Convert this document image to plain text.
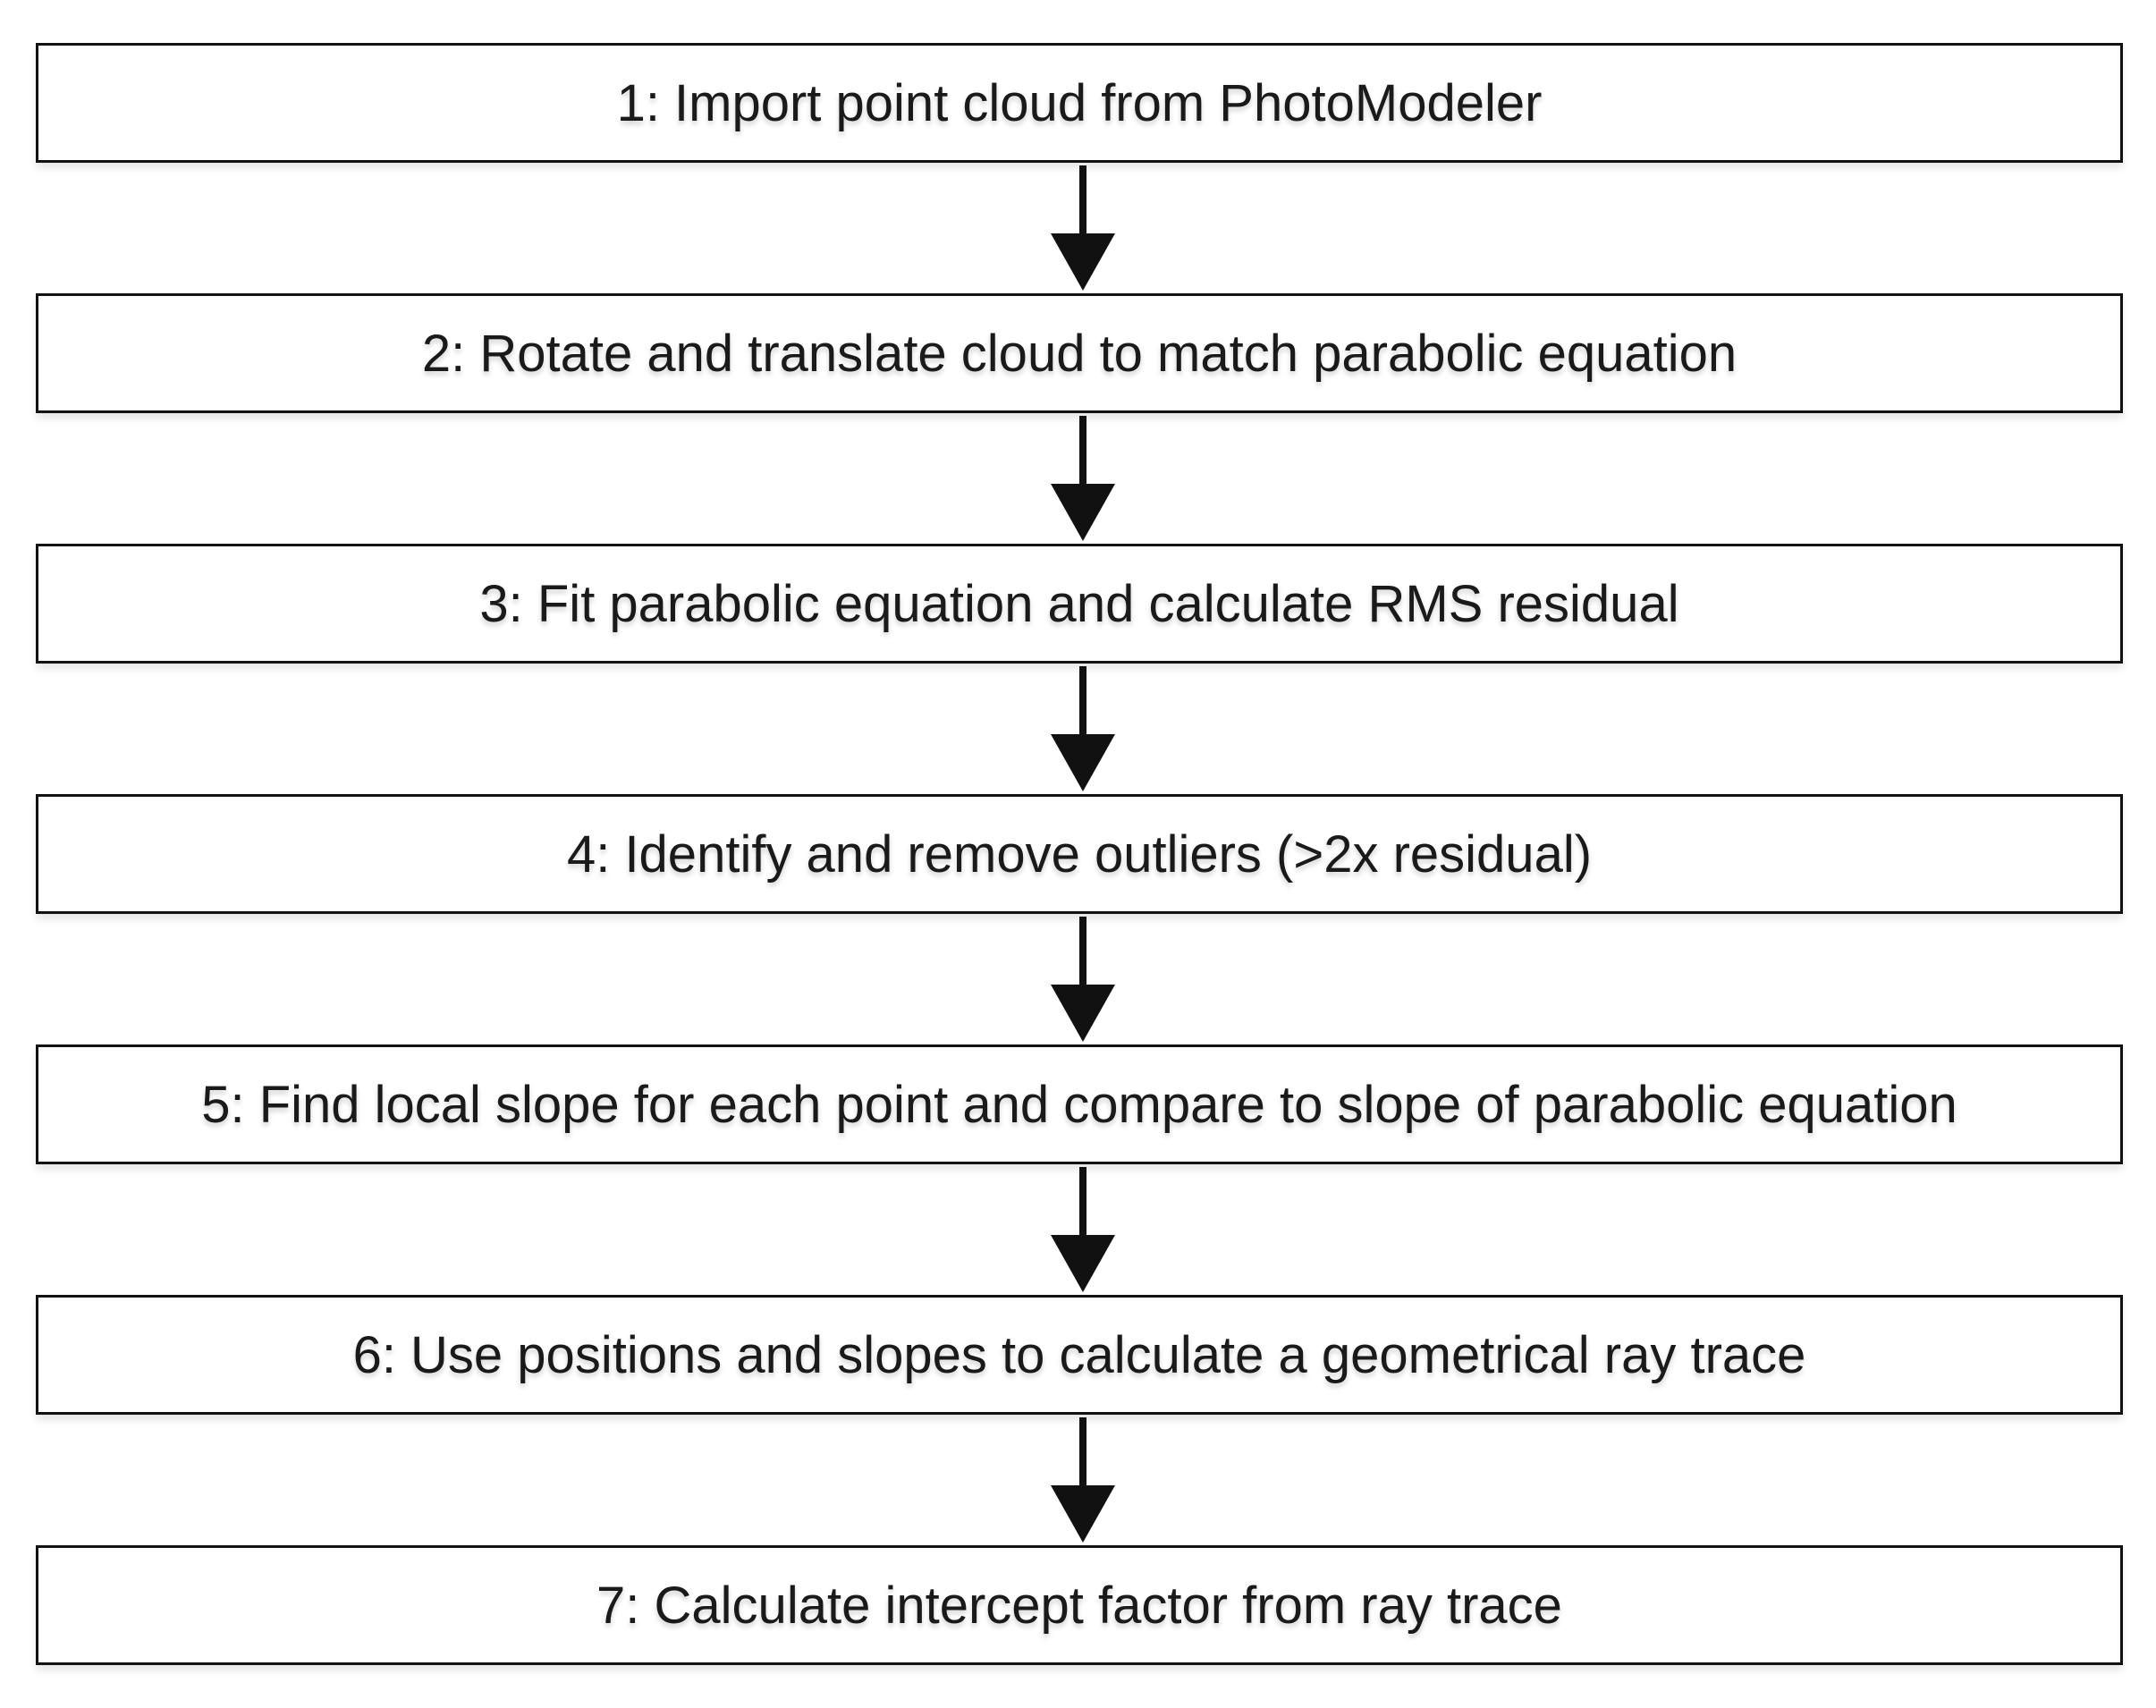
1: Import point cloud from PhotoModeler
2: Rotate and translate cloud to match parabolic equation
3: Fit parabolic equation and calculate RMS residual
4: Identify and remove outliers (>2x residual)
5: Find local slope for each point and compare to slope of parabolic equation
6: Use positions and slopes to calculate a geometrical ray trace
7: Calculate intercept factor from ray trace
